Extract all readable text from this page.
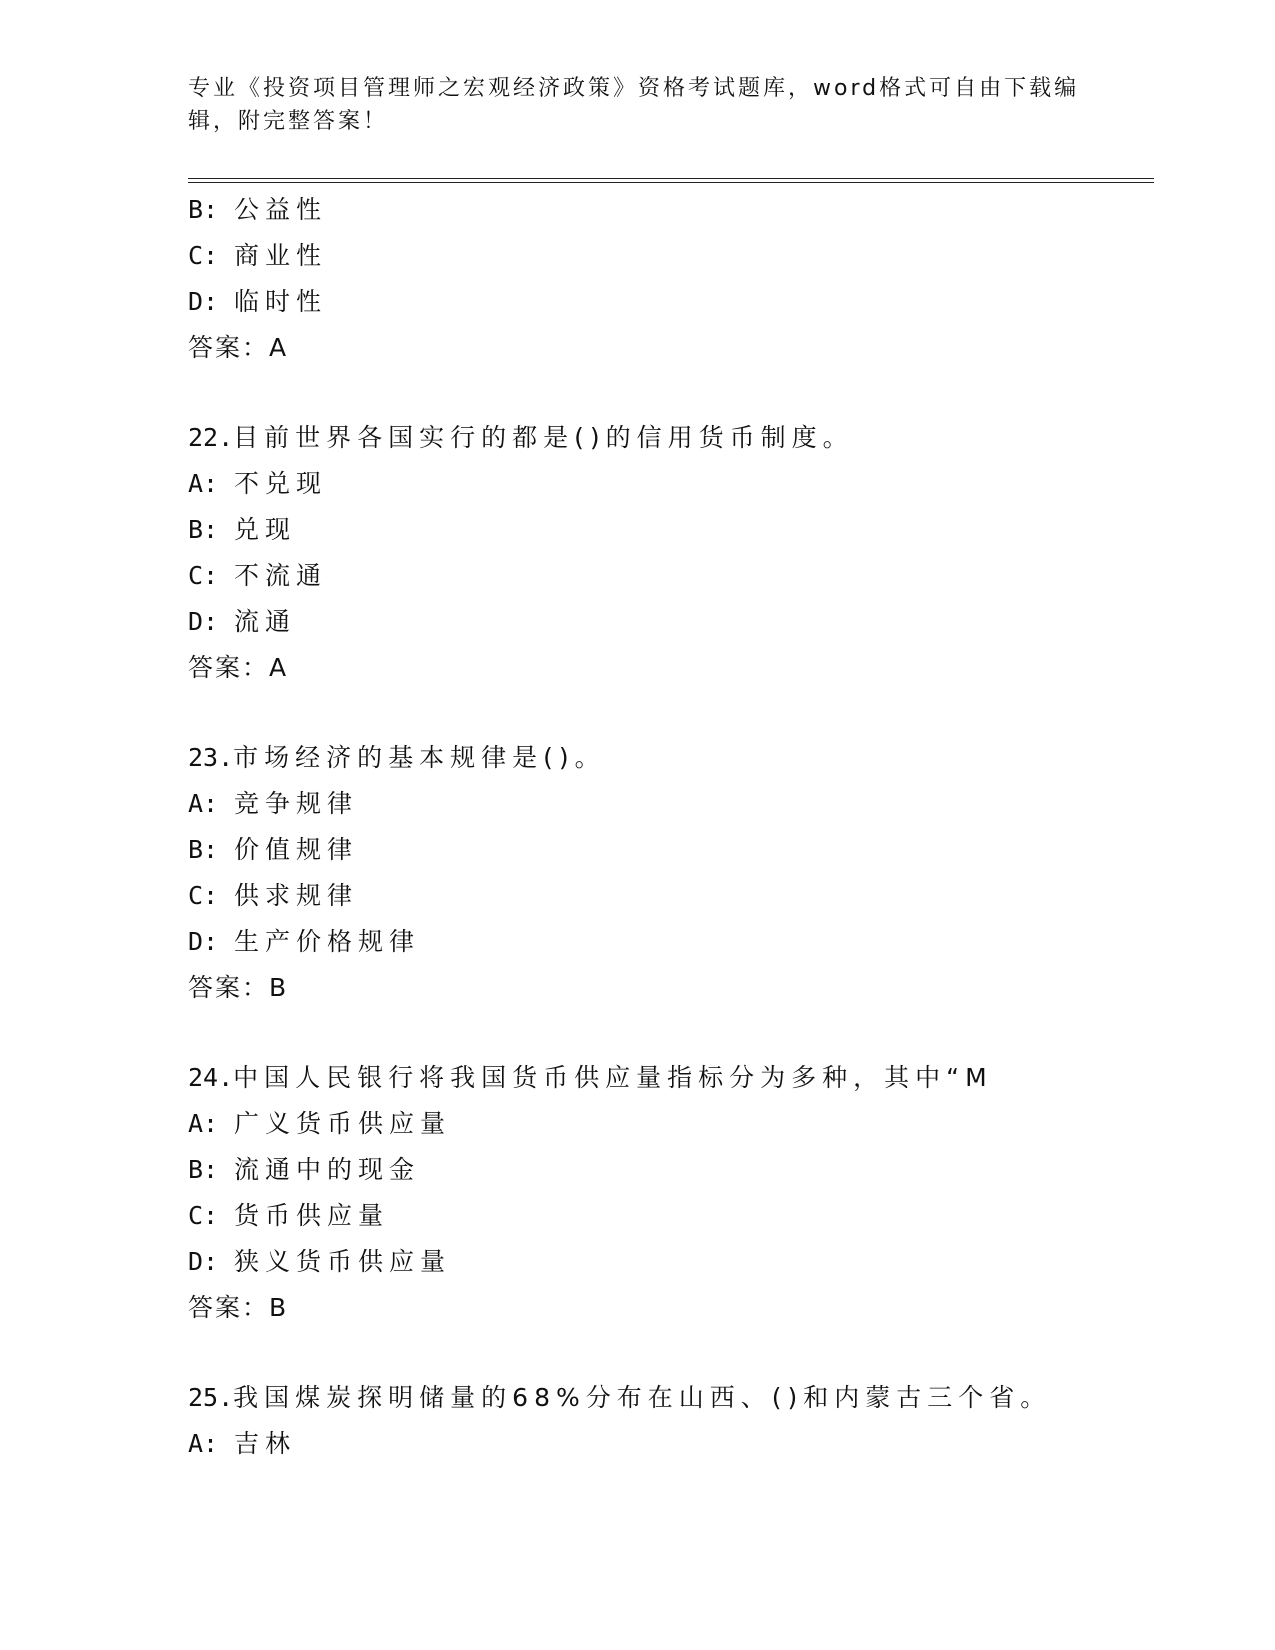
专业《投资项目管理师之宏观经济政策》资格考试题库，word格式可自由下载编
辑，附完整答案！
B: 公益性
C: 商业性
D: 临时性
答案：A
22.目前世界各国实行的都是()的信用货币制度。
A: 不兑现
B: 兑现
C: 不流通
D: 流通
答案：A
23.市场经济的基本规律是()。
A: 竞争规律
B: 价值规律
C: 供求规律
D: 生产价格规律
答案：B
24.中国人民银行将我国货币供应量指标分为多种，其中“M
A: 广义货币供应量
B: 流通中的现金
C: 货币供应量
D: 狭义货币供应量
答案：B
25.我国煤炭探明储量的68%分布在山西、()和内蒙古三个省。
A: 吉林
